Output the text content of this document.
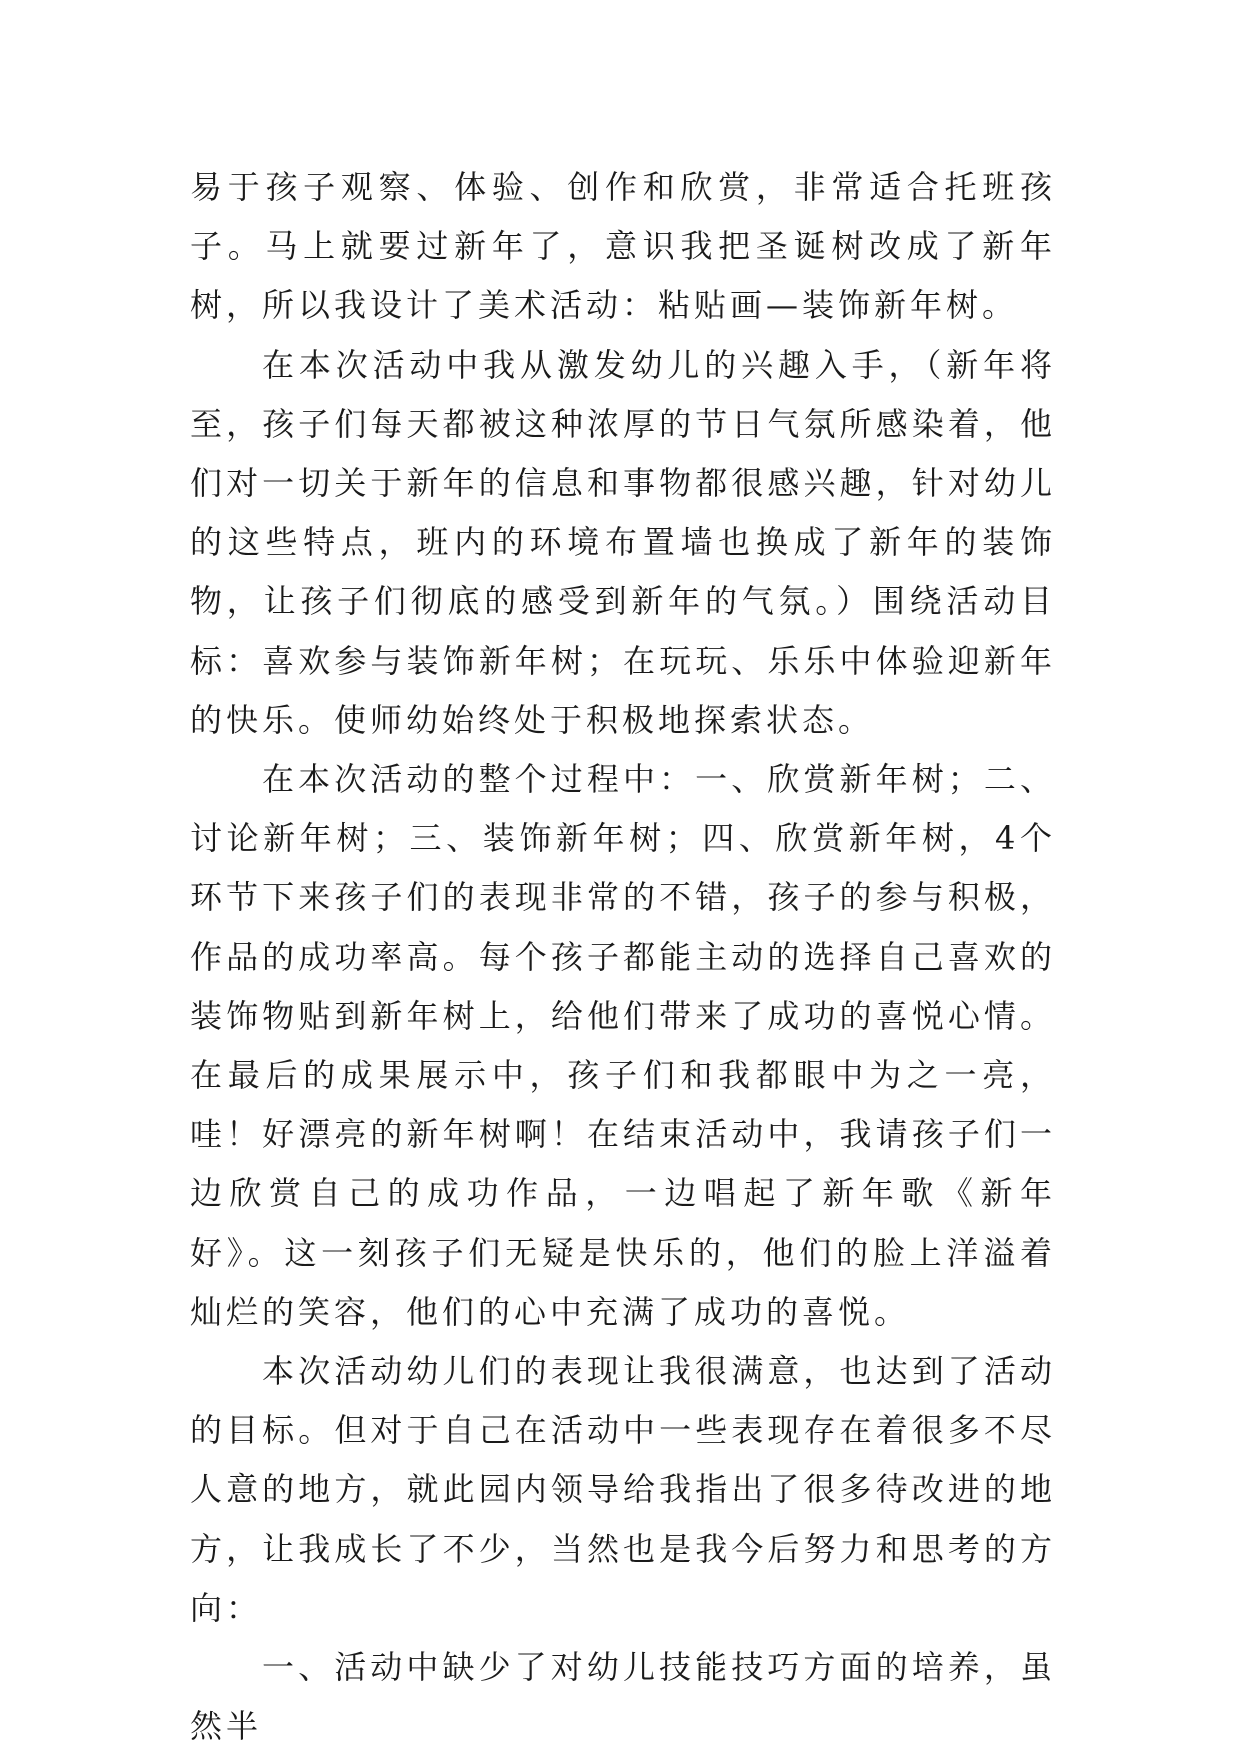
易于孩子观察、体验、创作和欣赏，非常适合托班孩子。马上就要过新年了，意识我把圣诞树改成了新年树，所以我设计了美术活动：粘贴画—装饰新年树。

在本次活动中我从激发幼儿的兴趣入手，（新年将至，孩子们每天都被这种浓厚的节日气氛所感染着，他们对一切关于新年的信息和事物都很感兴趣，针对幼儿的这些特点，班内的环境布置墙也换成了新年的装饰物，让孩子们彻底的感受到新年的气氛。）围绕活动目标：喜欢参与装饰新年树；在玩玩、乐乐中体验迎新年的快乐。使师幼始终处于积极地探索状态。

在本次活动的整个过程中：一、欣赏新年树；二、讨论新年树；三、装饰新年树；四、欣赏新年树，4个环节下来孩子们的表现非常的不错，孩子的参与积极，作品的成功率高。每个孩子都能主动的选择自己喜欢的装饰物贴到新年树上，给他们带来了成功的喜悦心情。在最后的成果展示中，孩子们和我都眼中为之一亮，哇！好漂亮的新年树啊！在结束活动中，我请孩子们一边欣赏自己的成功作品，一边唱起了新年歌《新年好》。这一刻孩子们无疑是快乐的，他们的脸上洋溢着灿烂的笑容，他们的心中充满了成功的喜悦。

本次活动幼儿们的表现让我很满意，也达到了活动的目标。但对于自己在活动中一些表现存在着很多不尽人意的地方，就此园内领导给我指出了很多待改进的地方，让我成长了不少，当然也是我今后努力和思考的方向：

一、活动中缺少了对幼儿技能技巧方面的培养，虽然半
